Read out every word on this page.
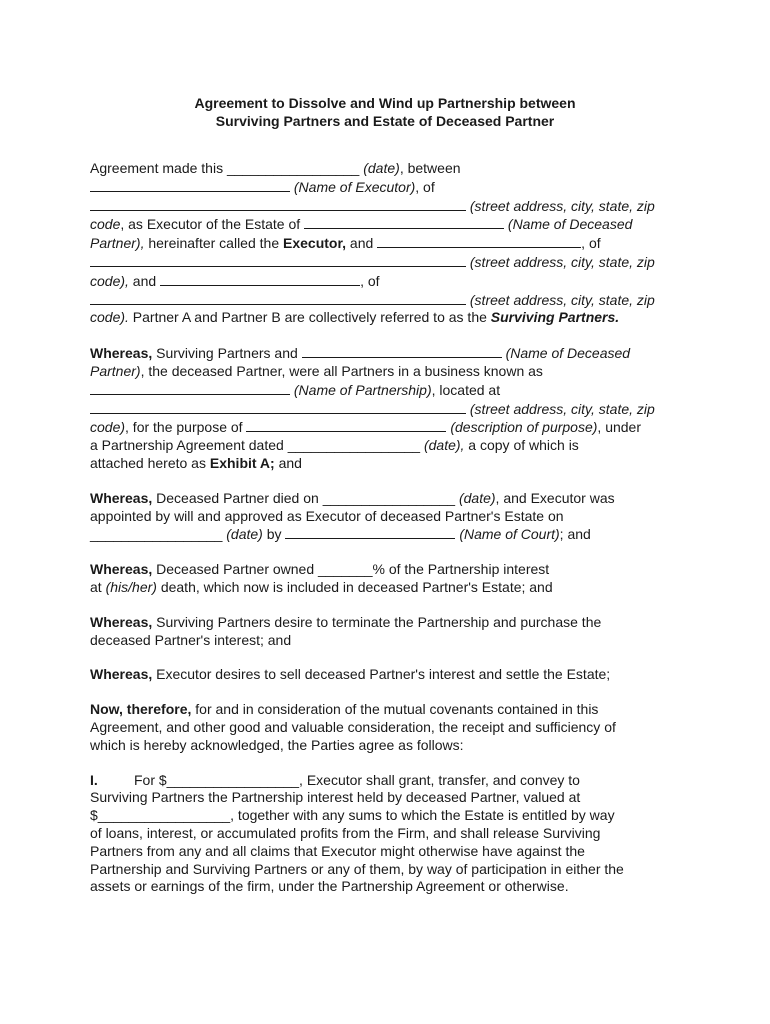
Agreement to Dissolve and Wind up Partnership between
Surviving Partners and Estate of Deceased Partner

Agreement made this _________________ (date), between
(Name of Executor), of
(street address, city, state, zip
code, as Executor of the Estate of	(Name of Deceased
Partner), hereinafter called the Executor, and	, of
(street address, city, state, zip
code), and	, of
(street address, city, state, zip
code). Partner A and Partner B are collectively referred to as the Surviving Partners.

Whereas, Surviving Partners and	(Name of Deceased
Partner), the deceased Partner, were all Partners in a business known as
(Name of Partnership), located at
(street address, city, state, zip
code), for the purpose of	(description of purpose), under
a Partnership Agreement dated _________________ (date), a copy of which is
attached hereto as Exhibit A; and

Whereas, Deceased Partner died on _________________ (date), and Executor was
appointed by will and approved as Executor of deceased Partner's Estate on
_________________ (date) by	(Name of Court); and

Whereas, Deceased Partner owned _______% of the Partnership interest
at (his/her) death, which now is included in deceased Partner's Estate; and

Whereas, Surviving Partners desire to terminate the Partnership and purchase the
deceased Partner's interest; and

Whereas, Executor desires to sell deceased Partner's interest and settle the Estate;

Now, therefore, for and in consideration of the mutual covenants contained in this
Agreement, and other good and valuable consideration, the receipt and sufficiency of
which is hereby acknowledged, the Parties agree as follows:

I.	For $_________________, Executor shall grant, transfer, and convey to
Surviving Partners the Partnership interest held by deceased Partner, valued at
$_________________, together with any sums to which the Estate is entitled by way
of loans, interest, or accumulated profits from the Firm, and shall release Surviving
Partners from any and all claims that Executor might otherwise have against the
Partnership and Surviving Partners or any of them, by way of participation in either the
assets or earnings of the firm, under the Partnership Agreement or otherwise.
